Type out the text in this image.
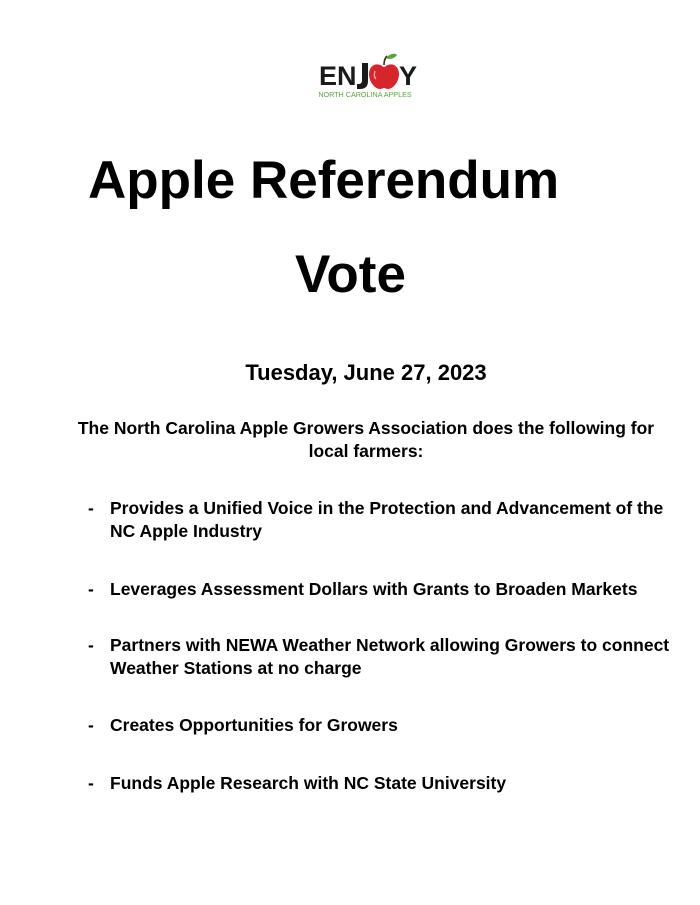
EN Y
NORTH CAROLINA APPLES
Apple Referendum
Vote
Tuesday, June 27, 2023
The North Carolina Apple Growers Association does the following for local farmers:
- Provides a Unified Voice in the Protection and Advancement of the NC Apple Industry
- Leverages Assessment Dollars with Grants to Broaden Markets
- Partners with NEWA Weather Network allowing Growers to connect Weather Stations at no charge
- Creates Opportunities for Growers
- Funds Apple Research with NC State University
